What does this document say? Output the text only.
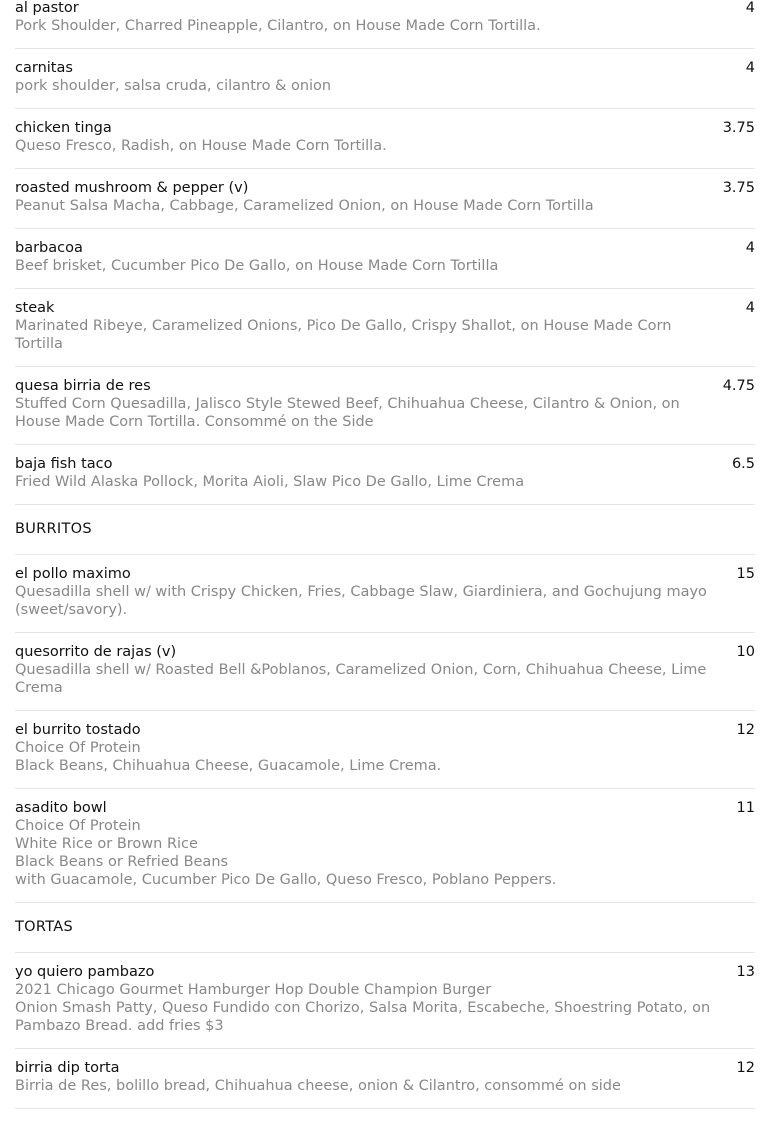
al pastor	4
Pork Shoulder, Charred Pineapple, Cilantro, on House Made Corn Tortilla.
carnitas	4
pork shoulder, salsa cruda, cilantro & onion
chicken tinga	3.75
Queso Fresco, Radish, on House Made Corn Tortilla.
roasted mushroom & pepper (v)	3.75
Peanut Salsa Macha, Cabbage, Caramelized Onion, on House Made Corn Tortilla
barbacoa	4
Beef brisket, Cucumber Pico De Gallo, on House Made Corn Tortilla
steak	4
Marinated Ribeye, Caramelized Onions, Pico De Gallo, Crispy Shallot, on House Made Corn Tortilla
quesa birria de res	4.75
Stuffed Corn Quesadilla, Jalisco Style Stewed Beef, Chihuahua Cheese, Cilantro & Onion, on House Made Corn Tortilla. Consommé on the Side
baja fish taco	6.5
Fried Wild Alaska Pollock, Morita Aioli, Slaw Pico De Gallo, Lime Crema
BURRITOS
el pollo maximo	15
Quesadilla shell w/ with Crispy Chicken, Fries, Cabbage Slaw, Giardiniera, and Gochujung mayo (sweet/savory).
quesorrito de rajas (v)	10
Quesadilla shell w/ Roasted Bell &Poblanos, Caramelized Onion, Corn, Chihuahua Cheese, Lime Crema
el burrito tostado	12
Choice Of Protein
Black Beans, Chihuahua Cheese, Guacamole, Lime Crema.
asadito bowl	11
Choice Of Protein
White Rice or Brown Rice
Black Beans or Refried Beans
with Guacamole, Cucumber Pico De Gallo, Queso Fresco, Poblano Peppers.
TORTAS
yo quiero pambazo	13
2021 Chicago Gourmet Hamburger Hop Double Champion Burger
Onion Smash Patty, Queso Fundido con Chorizo, Salsa Morita, Escabeche, Shoestring Potato, on Pambazo Bread. add fries $3
birria dip torta	12
Birria de Res, bolillo bread, Chihuahua cheese, onion & Cilantro, consommé on side
